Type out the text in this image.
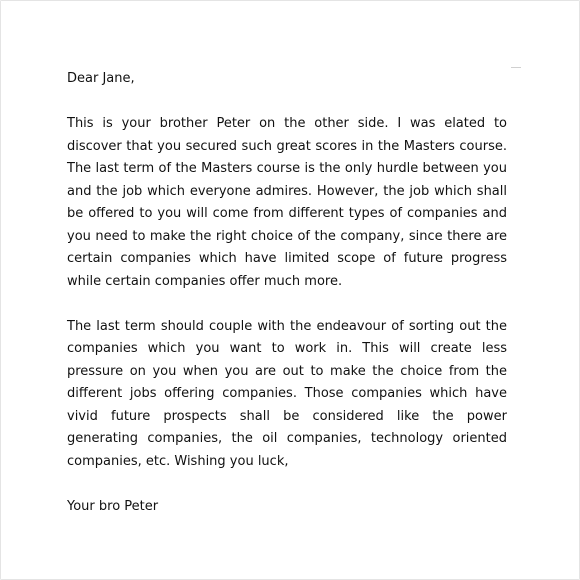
Dear Jane,

This is your brother Peter on the other side. I was elated to discover that you secured such great scores in the Masters course. The last term of the Masters course is the only hurdle between you and the job which everyone admires. However, the job which shall be offered to you will come from different types of companies and you need to make the right choice of the company, since there are certain companies which have limited scope of future progress while certain companies offer much more.

The last term should couple with the endeavour of sorting out the companies which you want to work in. This will create less pressure on you when you are out to make the choice from the different jobs offering companies. Those companies which have vivid future prospects shall be considered like the power generating companies, the oil companies, technology oriented companies, etc. Wishing you luck,

Your bro Peter
